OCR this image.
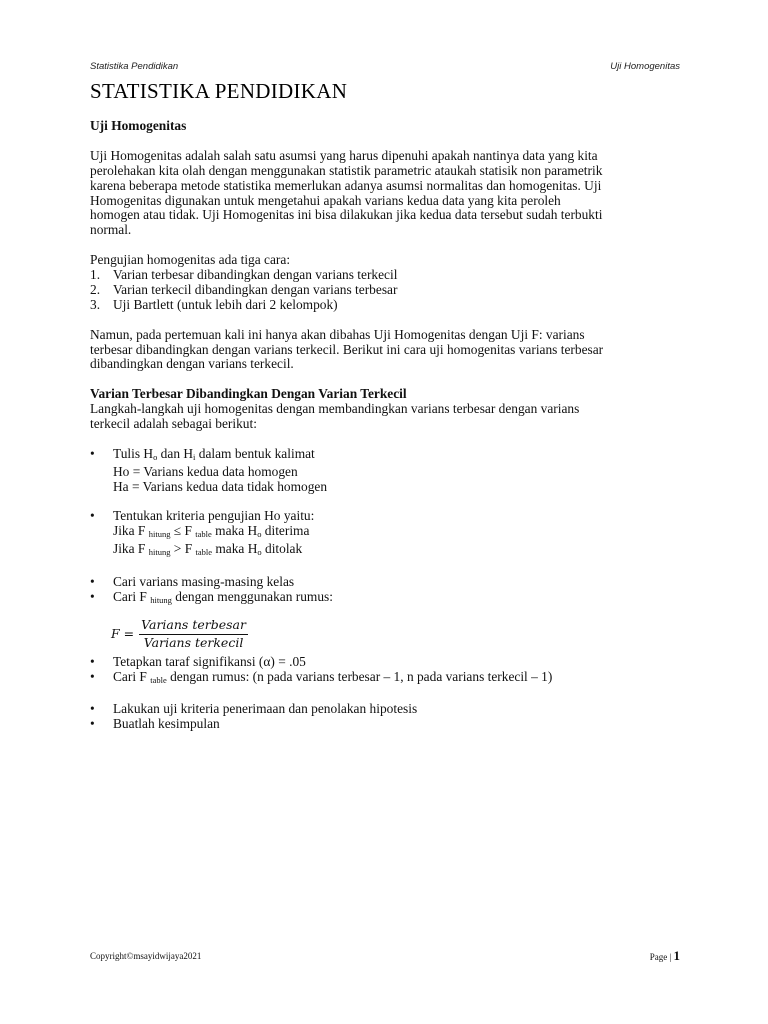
Statistika Pendidikan	Uji Homogenitas
STATISTIKA PENDIDIKAN

Uji Homogenitas

Uji Homogenitas adalah salah satu asumsi yang harus dipenuhi apakah nantinya data yang kita

perolehakan kita olah dengan menggunakan statistik parametric ataukah statisik non parametrik

karena beberapa metode statistika memerlukan adanya asumsi normalitas dan homogenitas. Uji

Homogenitas digunakan untuk mengetahui apakah varians kedua data yang kita peroleh

homogen atau tidak. Uji Homogenitas ini bisa dilakukan jika kedua data tersebut sudah terbukti

normal.

Pengujian homogenitas ada tiga cara:

1. Varian terbesar dibandingkan dengan varians terkecil
2. Varian terkecil dibandingkan dengan varians terbesar
3. Uji Bartlett (untuk lebih dari 2 kelompok)

Namun, pada pertemuan kali ini hanya akan dibahas Uji Homogenitas dengan Uji F: varians

terbesar dibandingkan dengan varians terkecil. Berikut ini cara uji homogenitas varians terbesar

dibandingkan dengan varians terkecil.

Varian Terbesar Dibandingkan Dengan Varian Terkecil

Langkah-langkah uji homogenitas dengan membandingkan varians terbesar dengan varians

terkecil adalah sebagai berikut:

• Tulis $H_o$ dan $H_i$ dalam bentuk kalimat
Ho = Varians kedua data homogen
Ha = Varians kedua data tidak homogen
• Tentukan kriteria pengujian Ho yaitu:
Jika F $_{hitung}$ ≤ F $_{table}$ maka $H_o$ diterima
Jika F $_{hitung}$ > F $_{table}$ maka $H_o$ ditolak
• Cari varians masing-masing kelas
• Cari F $_{hitung}$ dengan menggunakan rumus:
$F = \frac{\text{Varians terbesar}}{\text{Varians terkecil}}$
• Tetapkan taraf signifikansi (α) = .05
• Cari F $_{table}$ dengan rumus: (n pada varians terbesar – 1, n pada varians terkecil – 1)
• Lakukan uji kriteria penerimaan dan penolakan hipotesis
• Buatlah kesimpulan
Copyright©msayidwijaya2021	Page | 1
